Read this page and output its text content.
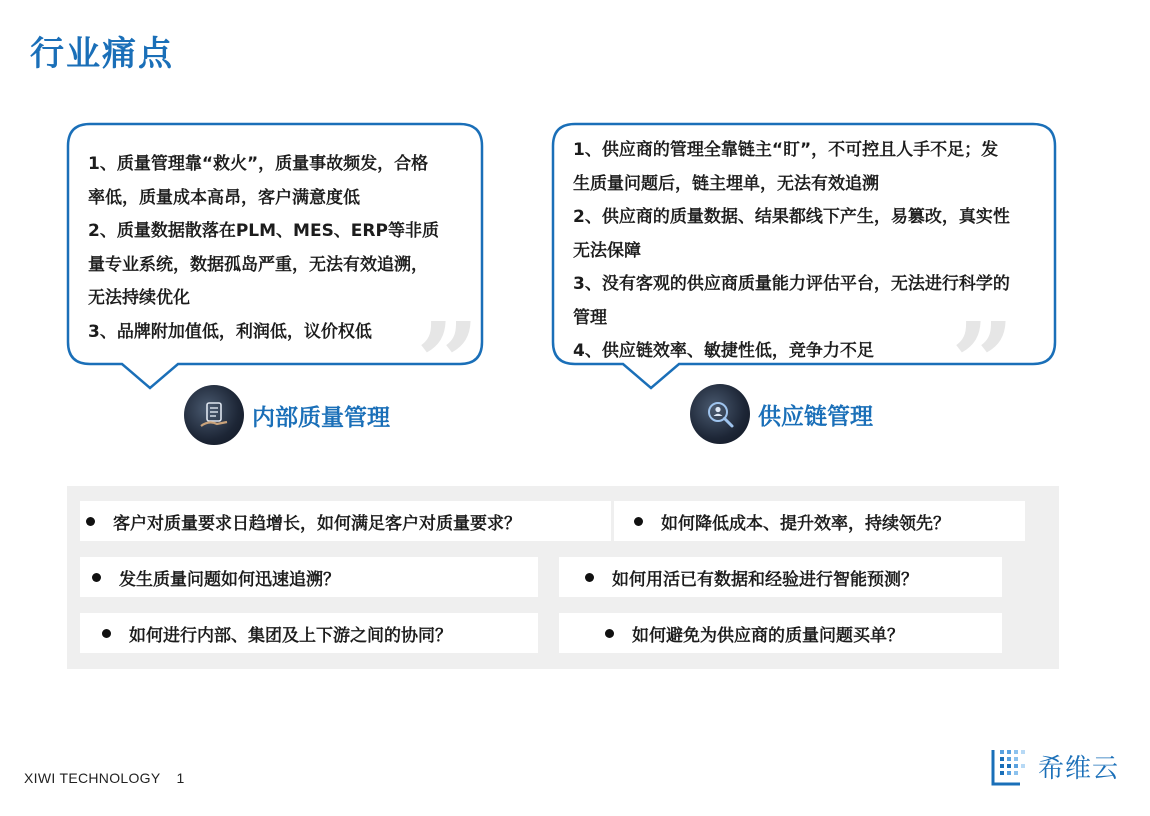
行业痛点
”
1、质量管理靠“救火”，质量事故频发，合格
率低，质量成本高昂，客户满意度低
2、质量数据散落在PLM、MES、ERP等非质
量专业系统，数据孤岛严重，无法有效追溯，
无法持续优化
3、品牌附加值低，利润低，议价权低
内部质量管理	”
1、供应商的管理全靠链主“盯”，不可控且人手不足；发
生质量问题后，链主埋单，无法有效追溯
2、供应商的质量数据、结果都线下产生，易篡改，真实性
无法保障
3、没有客观的供应商质量能力评估平台，无法进行科学的
管理
4、供应链效率、敏捷性低，竞争力不足
供应链管理
客户对质量要求日趋增长，如何满足客户对质量要求？	如何降低成本、提升效率，持续领先？
发生质量问题如何迅速追溯？	如何用活已有数据和经验进行智能预测？
如何进行内部、集团及上下游之间的协同？	如何避免为供应商的质量问题买单？
XIWI TECHNOLOGY 1	希维云
